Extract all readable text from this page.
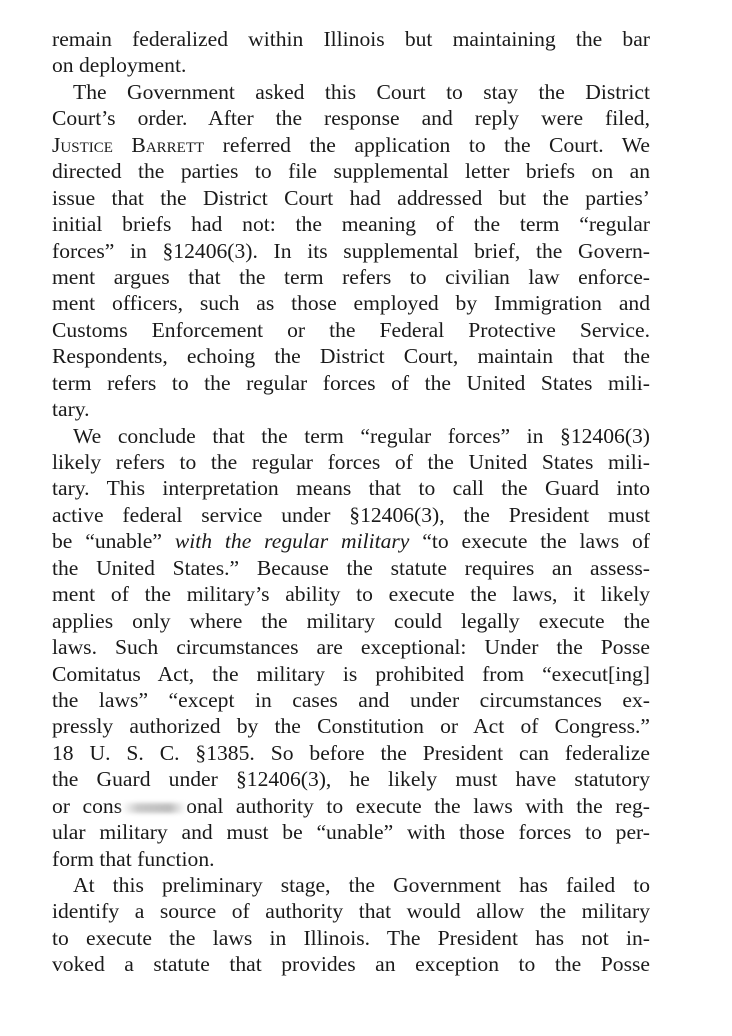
remain federalized within Illinois but maintaining the bar
on deployment.
The Government asked this Court to stay the District
Court’s order. After the response and reply were filed,
Justice Barrett referred the application to the Court. We
directed the parties to file supplemental letter briefs on an
issue that the District Court had addressed but the parties’
initial briefs had not: the meaning of the term “regular
forces” in §12406(3). In its supplemental brief, the Govern-
ment argues that the term refers to civilian law enforce-
ment officers, such as those employed by Immigration and
Customs Enforcement or the Federal Protective Service.
Respondents, echoing the District Court, maintain that the
term refers to the regular forces of the United States mili-
tary.
We conclude that the term “regular forces” in §12406(3)
likely refers to the regular forces of the United States mili-
tary. This interpretation means that to call the Guard into
active federal service under §12406(3), the President must
be “unable” with the regular military “to execute the laws of
the United States.” Because the statute requires an assess-
ment of the military’s ability to execute the laws, it likely
applies only where the military could legally execute the
laws. Such circumstances are exceptional: Under the Posse
Comitatus Act, the military is prohibited from “execut[ing]
the laws” “except in cases and under circumstances ex-
pressly authorized by the Constitution or Act of Congress.”
18 U. S. C. §1385. So before the President can federalize
the Guard under §12406(3), he likely must have statutory
or cons	onal authority to execute the laws with the reg-
ular military and must be “unable” with those forces to per-
form that function.
At this preliminary stage, the Government has failed to
identify a source of authority that would allow the military
to execute the laws in Illinois. The President has not in-
voked a statute that provides an exception to the Posse
